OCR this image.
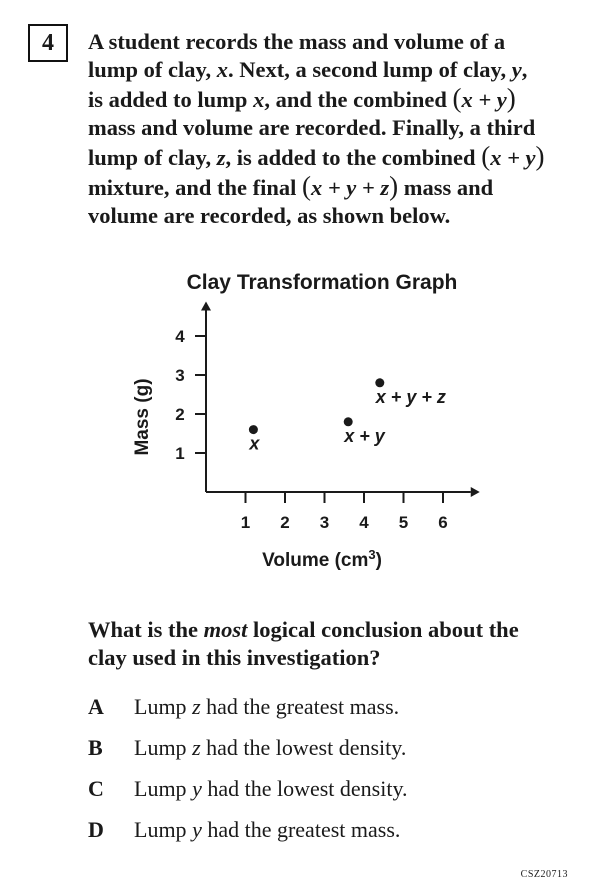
4 A student records the mass and volume of a
lump of clay, x. Next, a second lump of clay, y,
is added to lump x, and the combined (x + y)
mass and volume are recorded. Finally, a third
lump of clay, z, is added to the combined (x + y)
mixture, and the final (x + y + z) mass and
volume are recorded, as shown below.
Clay Transformation Graph
1 2 3 4 5 6
1
2
3
4
Volume $(cm^3)$
Mass (g)	x	x + y
x + y + z
What is the most logical conclusion about the
clay used in this investigation?
A	Lump z had the greatest mass.
B	Lump z had the lowest density.
C	Lump y had the lowest density.
D	Lump y had the greatest mass.
CSZ20713
